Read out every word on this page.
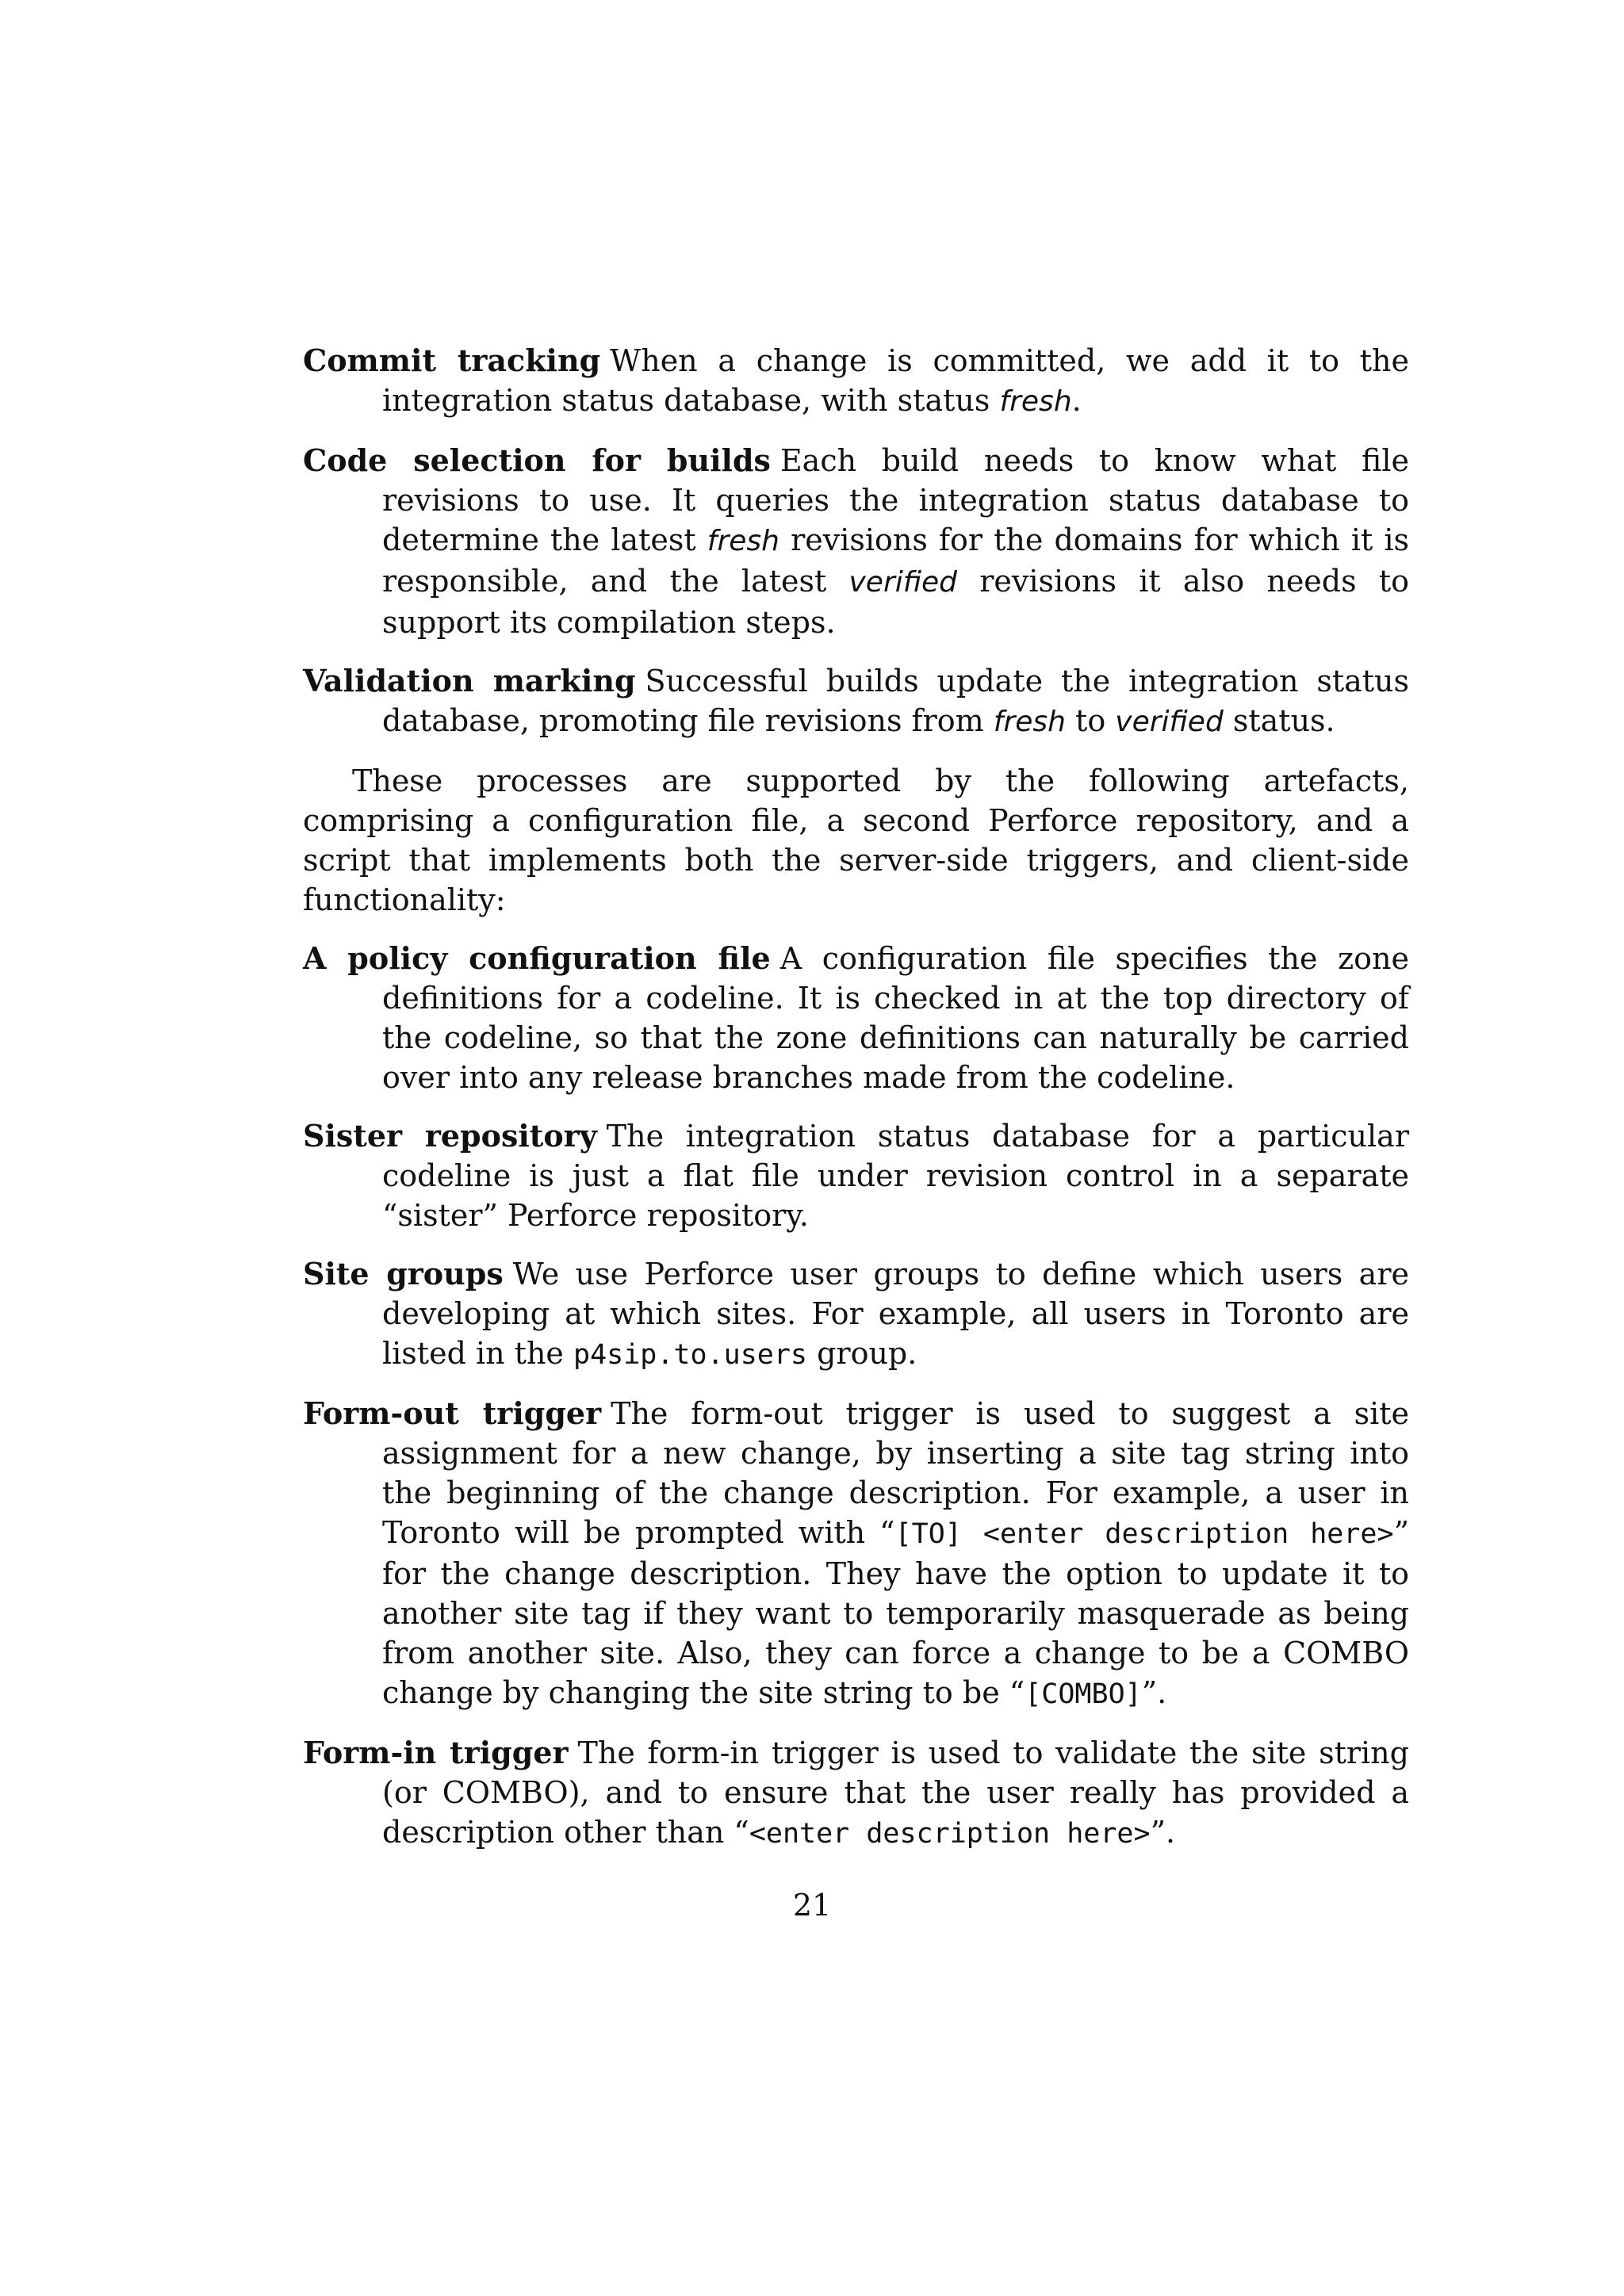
Commit tracking When a change is committed, we add it to the integration status database, with status fresh.
Code selection for builds Each build needs to know what file revisions to use. It queries the integration status database to determine the latest fresh revisions for the domains for which it is responsible, and the latest verified revisions it also needs to support its compilation steps.
Validation marking Successful builds update the integration status database, promoting file revisions from fresh to verified status.

These processes are supported by the following artefacts, comprising a configuration file, a second Perforce repository, and a script that implements both the server-side triggers, and client-side functionality:

A policy configuration file A configuration file specifies the zone definitions for a codeline. It is checked in at the top directory of the codeline, so that the zone definitions can naturally be carried over into any release branches made from the codeline.
Sister repository The integration status database for a particular codeline is just a flat file under revision control in a separate “sister” Perforce repository.
Site groups We use Perforce user groups to define which users are developing at which sites. For example, all users in Toronto are listed in the p4sip.to.users group.
Form-out trigger The form-out trigger is used to suggest a site assignment for a new change, by inserting a site tag string into the beginning of the change description. For example, a user in Toronto will be prompted with “[TO] <enter description here>” for the change description. They have the option to update it to another site tag if they want to temporarily masquerade as being from another site. Also, they can force a change to be a COMBO change by changing the site string to be “[COMBO]”.
Form-in trigger The form-in trigger is used to validate the site string (or COMBO), and to ensure that the user really has provided a description other than “<enter description here>”.
21
